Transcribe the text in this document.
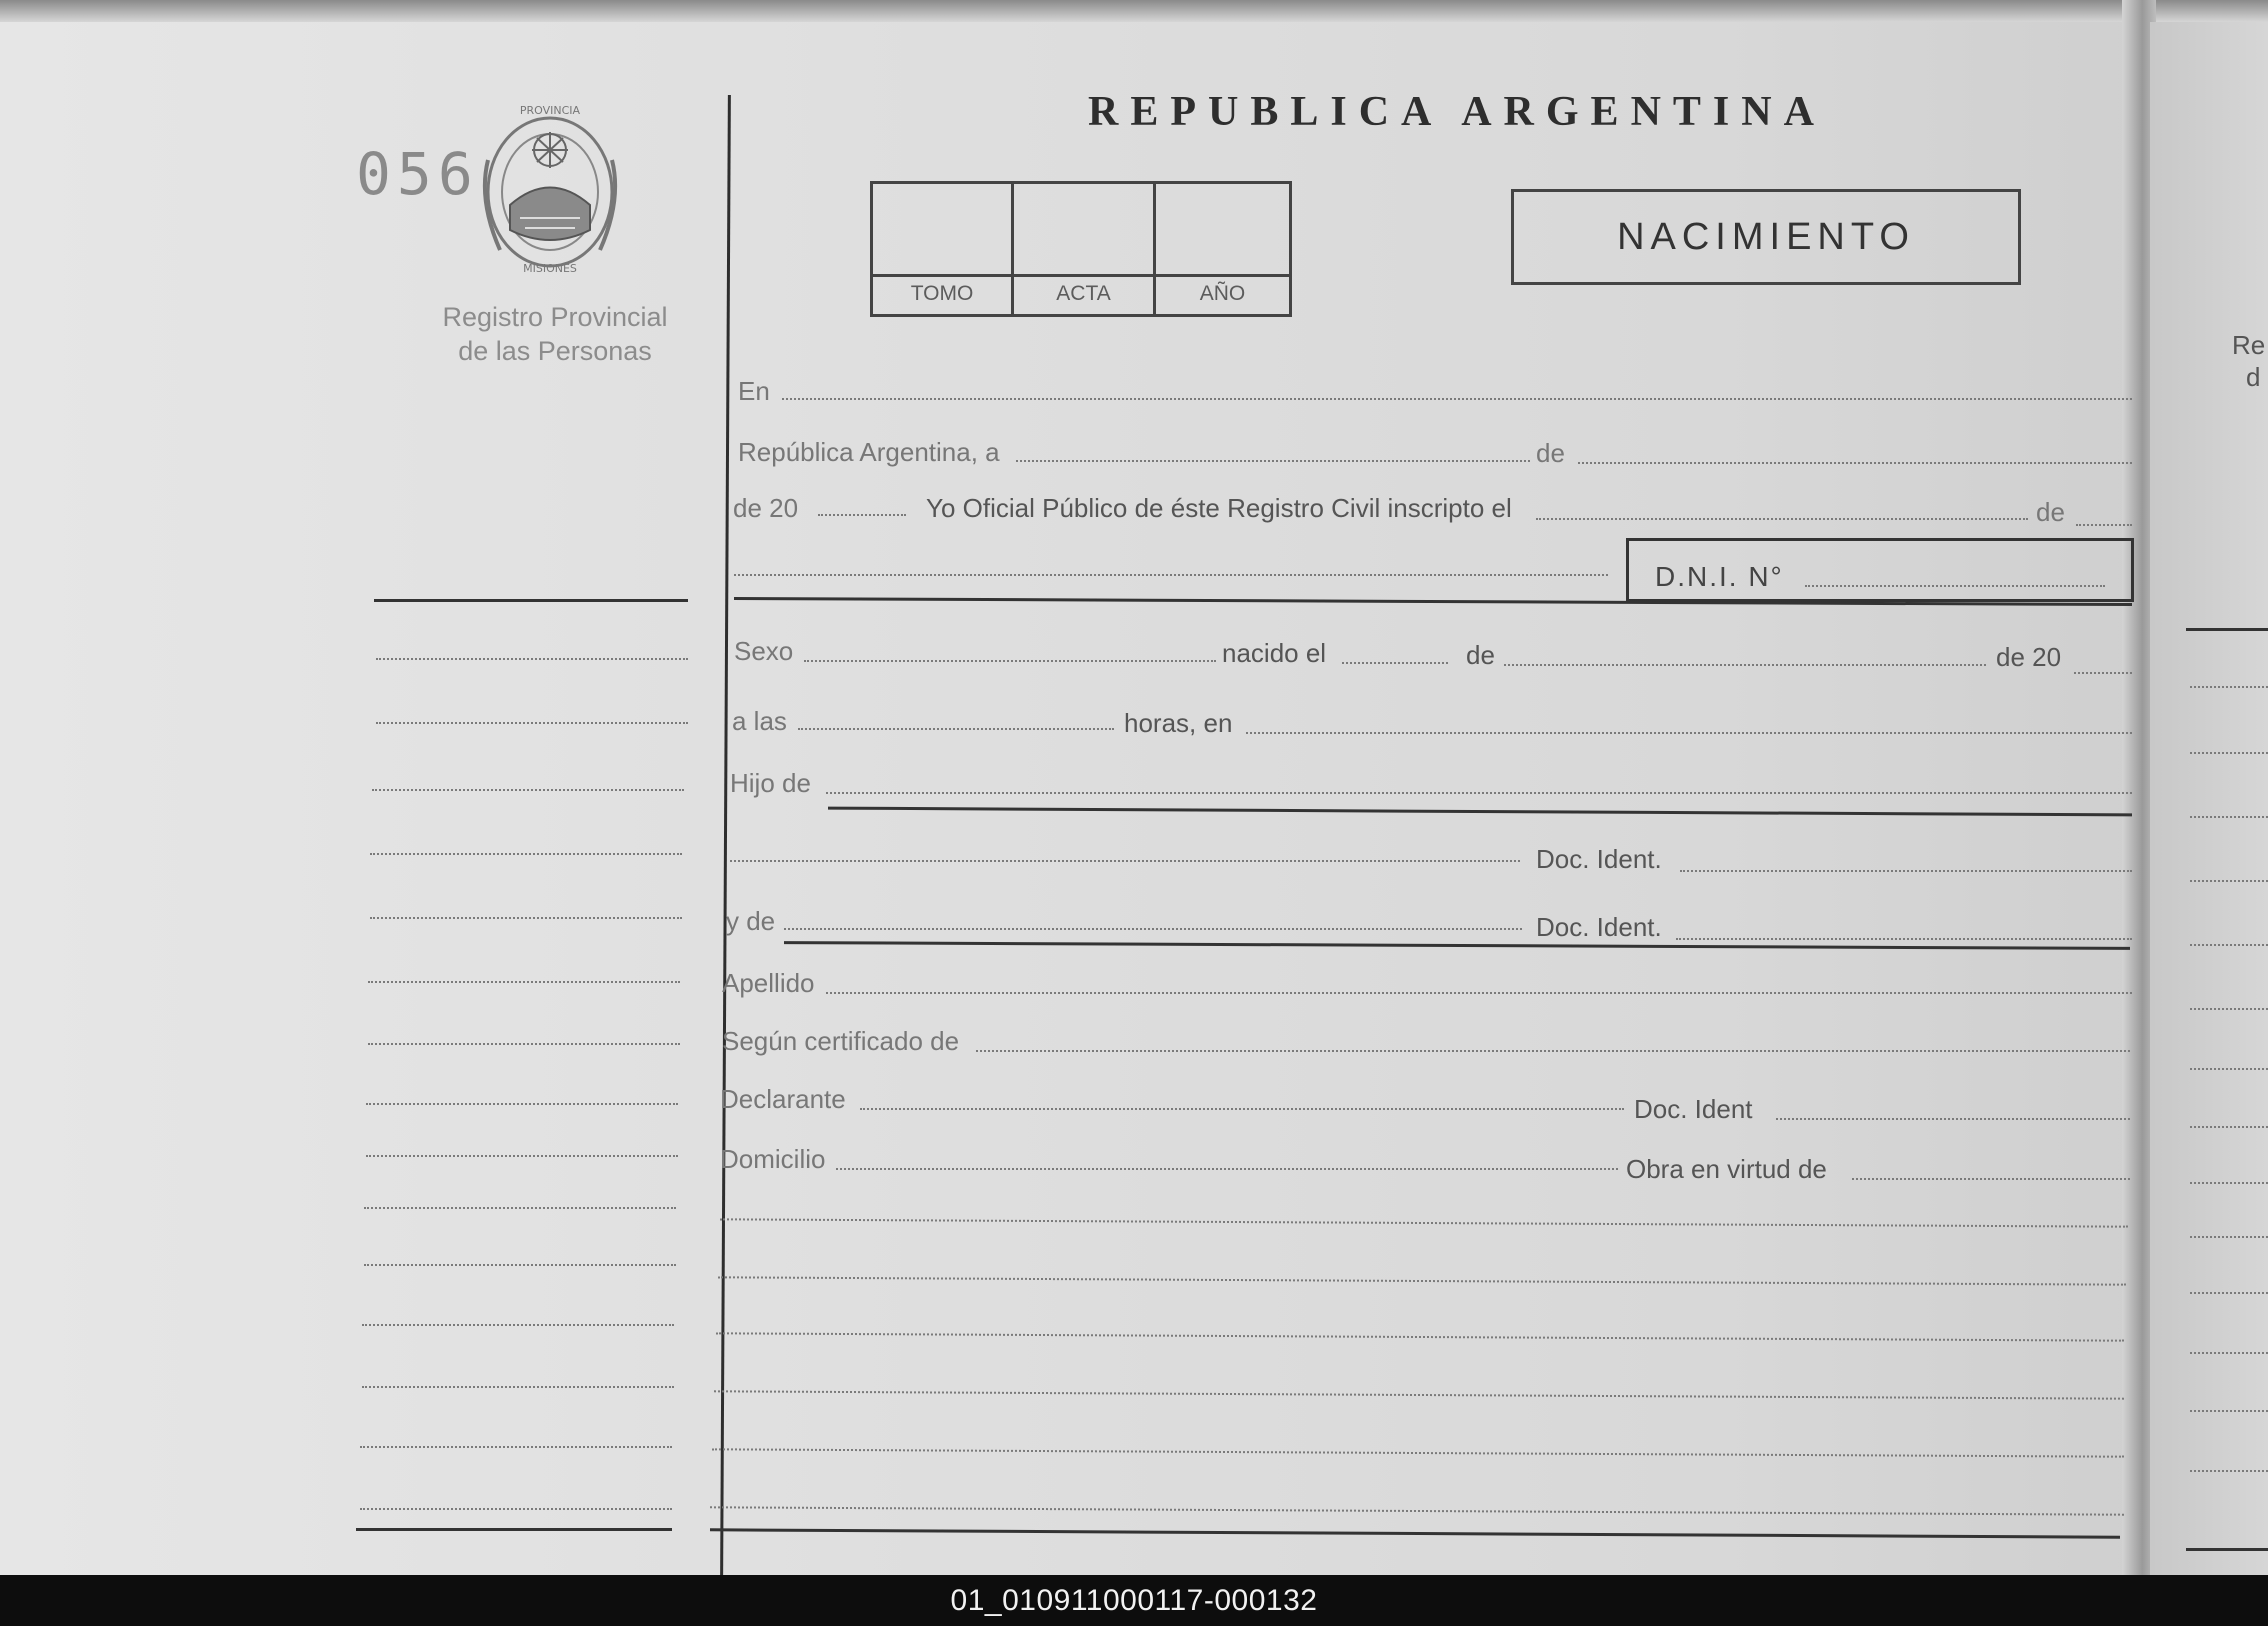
Re
d
056
PROVINCIA
MISIONES
Registro Provincial
de las Personas
REPUBLICA ARGENTINA
TOMO	ACTA	AÑO
NACIMIENTO
En
República Argentina, a	de
de 20	Yo Oficial Público de éste Registro Civil inscripto el	de
D.N.I. N°
Sexo	nacido el	de	de 20
a las	horas, en
Hijo de
Doc. Ident.
y de	Doc. Ident.
Apellido
Según certificado de
Declarante	Doc. Ident
Domicilio	Obra en virtud de
01_010911000117-000132
